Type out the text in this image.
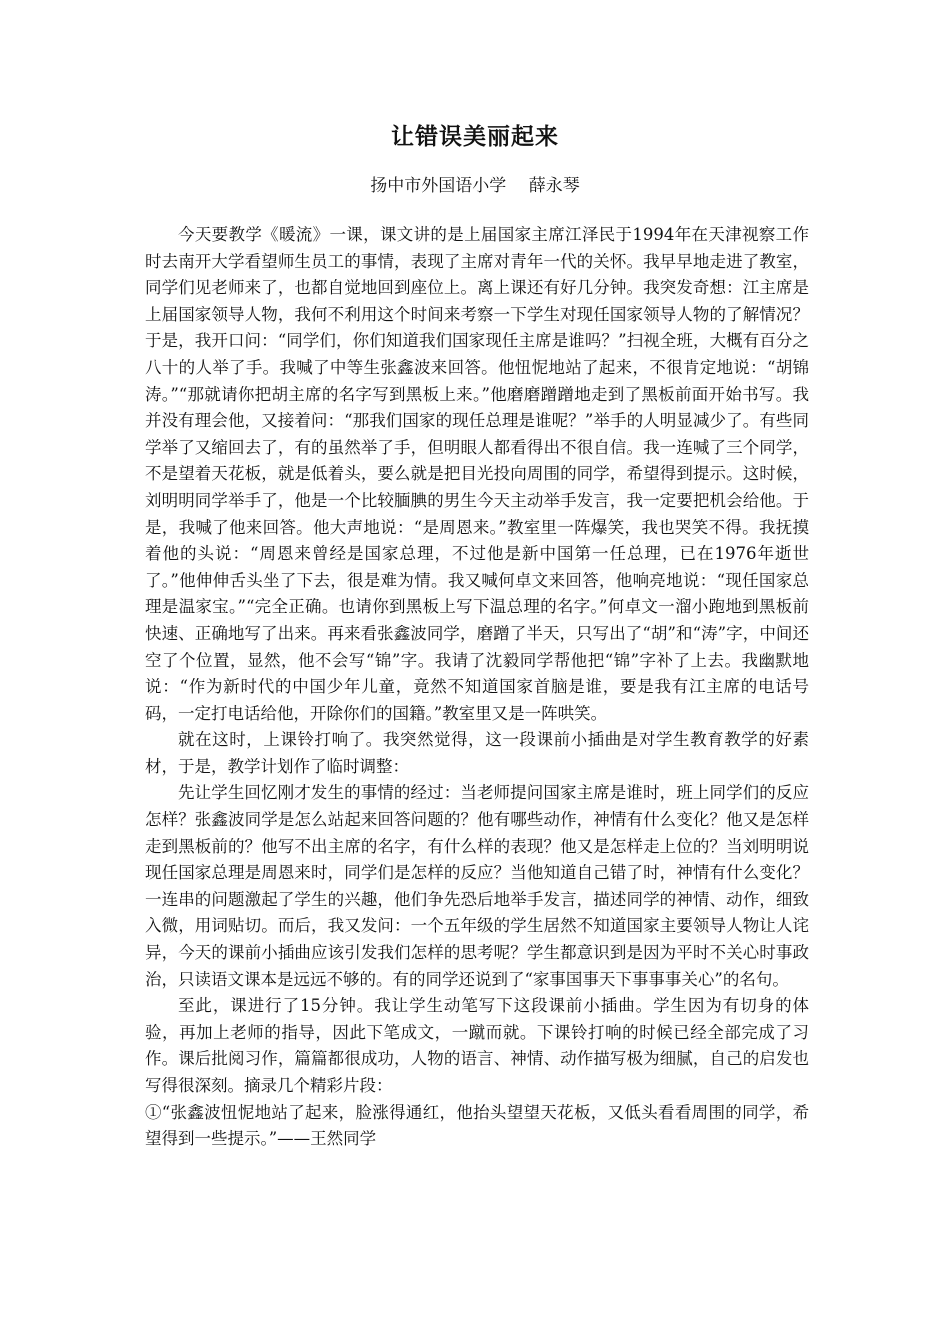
让错误美丽起来

扬中市外国语小学　 薛永琴

今天要教学《暖流》一课，课文讲的是上届国家主席江泽民于1994年在天津视察工作时去南开大学看望师生员工的事情，表现了主席对青年一代的关怀。我早早地走进了教室，同学们见老师来了，也都自觉地回到座位上。离上课还有好几分钟。我突发奇想：江主席是上届国家领导人物，我何不利用这个时间来考察一下学生对现任国家领导人物的了解情况？于是，我开口问：“同学们，你们知道我们国家现任主席是谁吗？”扫视全班，大概有百分之八十的人举了手。我喊了中等生张鑫波来回答。他忸怩地站了起来，不很肯定地说：“胡锦涛。”“那就请你把胡主席的名字写到黑板上来。”他磨磨蹭蹭地走到了黑板前面开始书写。我并没有理会他，又接着问：“那我们国家的现任总理是谁呢？”举手的人明显减少了。有些同学举了又缩回去了，有的虽然举了手，但明眼人都看得出不很自信。我一连喊了三个同学，不是望着天花板，就是低着头，要么就是把目光投向周围的同学，希望得到提示。这时候，刘明明同学举手了，他是一个比较腼腆的男生今天主动举手发言，我一定要把机会给他。于是，我喊了他来回答。他大声地说：“是周恩来。”教室里一阵爆笑，我也哭笑不得。我抚摸着他的头说：“周恩来曾经是国家总理，不过他是新中国第一任总理，已在1976年逝世了。”他伸伸舌头坐了下去，很是难为情。我又喊何卓文来回答，他响亮地说：“现任国家总理是温家宝。”“完全正确。也请你到黑板上写下温总理的名字。”何卓文一溜小跑地到黑板前快速、正确地写了出来。再来看张鑫波同学，磨蹭了半天，只写出了“胡”和“涛”字，中间还空了个位置，显然，他不会写“锦”字。我请了沈毅同学帮他把“锦”字补了上去。我幽默地说：“作为新时代的中国少年儿童，竟然不知道国家首脑是谁，要是我有江主席的电话号码，一定打电话给他，开除你们的国籍。”教室里又是一阵哄笑。

就在这时，上课铃打响了。我突然觉得，这一段课前小插曲是对学生教育教学的好素材，于是，教学计划作了临时调整：

先让学生回忆刚才发生的事情的经过：当老师提问国家主席是谁时，班上同学们的反应怎样？张鑫波同学是怎么站起来回答问题的？他有哪些动作，神情有什么变化？他又是怎样走到黑板前的？他写不出主席的名字，有什么样的表现？他又是怎样走上位的？当刘明明说现任国家总理是周恩来时，同学们是怎样的反应？当他知道自己错了时，神情有什么变化？一连串的问题激起了学生的兴趣，他们争先恐后地举手发言，描述同学的神情、动作，细致入微，用词贴切。而后，我又发问：一个五年级的学生居然不知道国家主要领导人物让人诧异，今天的课前小插曲应该引发我们怎样的思考呢？学生都意识到是因为平时不关心时事政治，只读语文课本是远远不够的。有的同学还说到了“家事国事天下事事事关心”的名句。

至此，课进行了15分钟。我让学生动笔写下这段课前小插曲。学生因为有切身的体验，再加上老师的指导，因此下笔成文，一蹴而就。下课铃打响的时候已经全部完成了习作。课后批阅习作，篇篇都很成功，人物的语言、神情、动作描写极为细腻，自己的启发也写得很深刻。摘录几个精彩片段：

①“张鑫波忸怩地站了起来，脸涨得通红，他抬头望望天花板，又低头看看周围的同学，希望得到一些提示。”——王然同学
